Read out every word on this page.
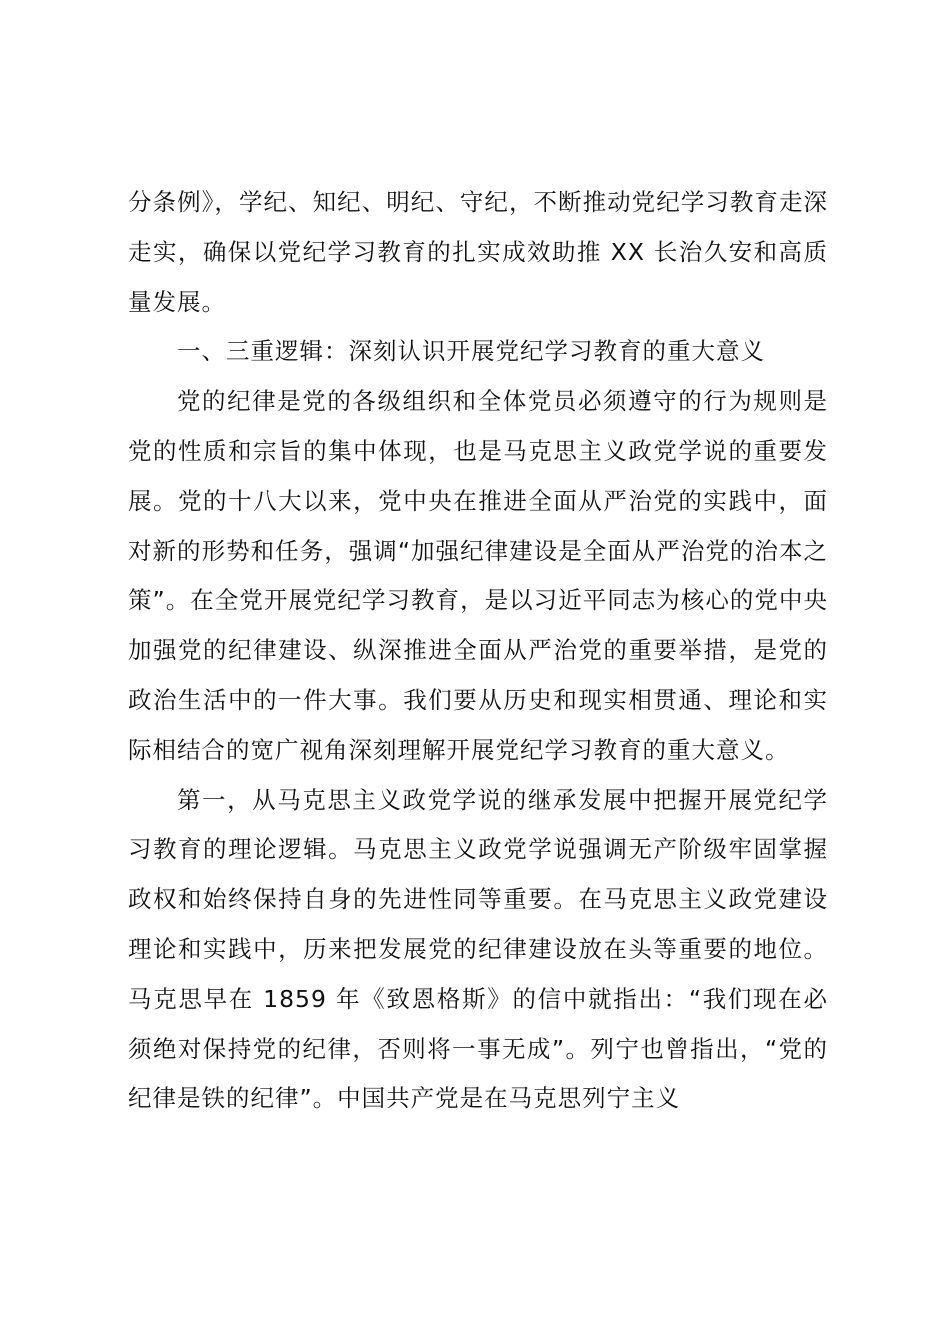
分条例》，学纪、知纪、明纪、守纪，不断推动党纪学习教育走深走实，确保以党纪学习教育的扎实成效助推 XX 长治久安和高质量发展。

一、三重逻辑：深刻认识开展党纪学习教育的重大意义

党的纪律是党的各级组织和全体党员必须遵守的行为规则是党的性质和宗旨的集中体现，也是马克思主义政党学说的重要发展。党的十八大以来，党中央在推进全面从严治党的实践中，面对新的形势和任务，强调“加强纪律建设是全面从严治党的治本之策”。在全党开展党纪学习教育，是以习近平同志为核心的党中央加强党的纪律建设、纵深推进全面从严治党的重要举措，是党的政治生活中的一件大事。我们要从历史和现实相贯通、理论和实际相结合的宽广视角深刻理解开展党纪学习教育的重大意义。

第一，从马克思主义政党学说的继承发展中把握开展党纪学习教育的理论逻辑。马克思主义政党学说强调无产阶级牢固掌握政权和始终保持自身的先进性同等重要。在马克思主义政党建设理论和实践中，历来把发展党的纪律建设放在头等重要的地位。马克思早在 1859 年《致恩格斯》的信中就指出：“我们现在必须绝对保持党的纪律，否则将一事无成”。列宁也曾指出，“党的纪律是铁的纪律”。中国共产党是在马克思列宁主义
